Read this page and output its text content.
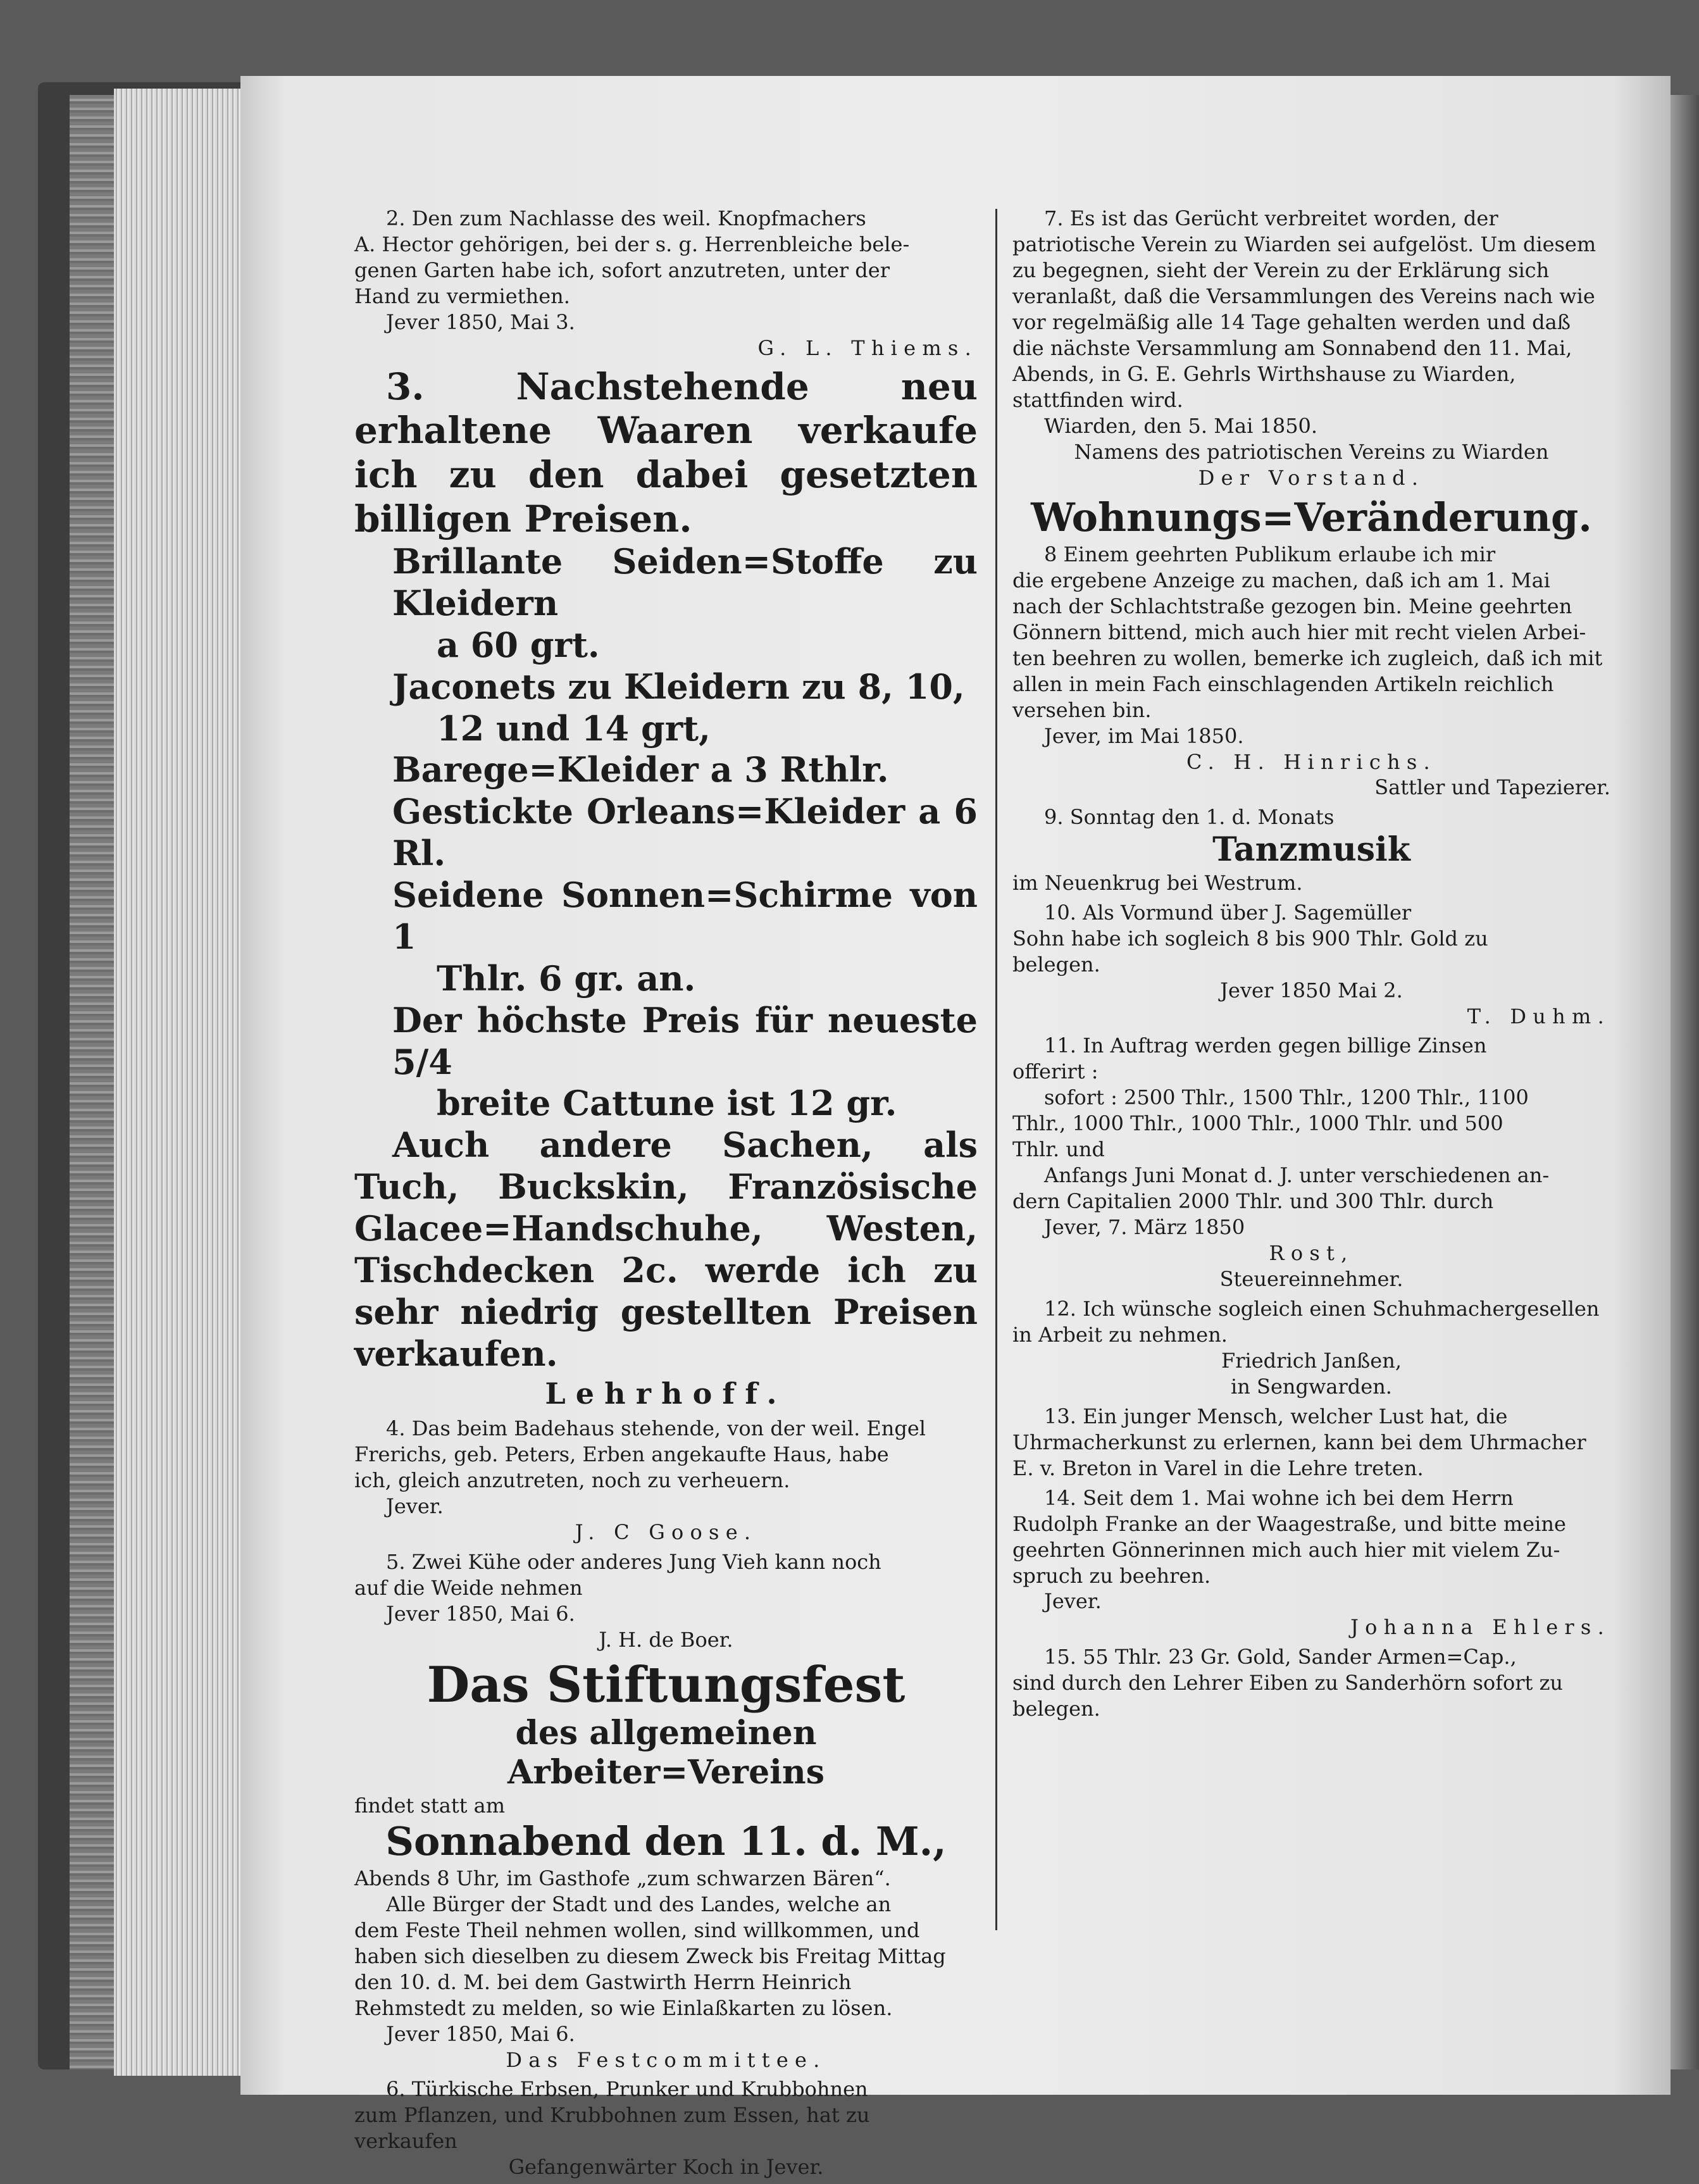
2. Den zum Nachlasse des weil. Knopfmachers

A. Hector gehörigen, bei der s. g. Herrenbleiche bele-

genen Garten habe ich, sofort anzutreten, unter der

Hand zu vermiethen.

Jever 1850, Mai 3.

G. L. Thiems.

3. Nachstehende neu erhaltene Waaren verkaufe ich zu den dabei gesetzten billigen Preisen.

Brillante Seiden=Stoffe zu Kleidern

a 60 grt.

Jaconets zu Kleidern zu 8, 10,

12 und 14 grt,

Barege=Kleider a 3 Rthlr.

Gestickte Orleans=Kleider a 6 Rl.

Seidene Sonnen=Schirme von 1

Thlr. 6 gr. an.

Der höchste Preis für neueste 5/4

breite Cattune ist 12 gr.

Auch andere Sachen, als Tuch, Buckskin, Französische Glacee=Handschuhe, Westen, Tischdecken 2c. werde ich zu sehr niedrig gestellten Preisen verkaufen.

Lehrhoff.

4. Das beim Badehaus stehende, von der weil. Engel

Frerichs, geb. Peters, Erben angekaufte Haus, habe

ich, gleich anzutreten, noch zu verheuern.

Jever.

J. C Goose.

5. Zwei Kühe oder anderes Jung Vieh kann noch

auf die Weide nehmen

Jever 1850, Mai 6.

J. H. de Boer.

Das Stiftungsfest

des allgemeinen Arbeiter=Vereins

findet statt am

Sonnabend den 11. d. M.,

Abends 8 Uhr, im Gasthofe „zum schwarzen Bären“.

Alle Bürger der Stadt und des Landes, welche an

dem Feste Theil nehmen wollen, sind willkommen, und

haben sich dieselben zu diesem Zweck bis Freitag Mittag

den 10. d. M. bei dem Gastwirth Herrn Heinrich

Rehmstedt zu melden, so wie Einlaßkarten zu lösen.

Jever 1850, Mai 6.

Das Festcommittee.

6. Türkische Erbsen, Prunker und Krubbohnen

zum Pflanzen, und Krubbohnen zum Essen, hat zu

verkaufen

Gefangenwärter Koch in Jever.

7. Es ist das Gerücht verbreitet worden, der

patriotische Verein zu Wiarden sei aufgelöst. Um diesem

zu begegnen, sieht der Verein zu der Erklärung sich

veranlaßt, daß die Versammlungen des Vereins nach wie

vor regelmäßig alle 14 Tage gehalten werden und daß

die nächste Versammlung am Sonnabend den 11. Mai,

Abends, in G. E. Gehrls Wirthshause zu Wiarden,

stattfinden wird.

Wiarden, den 5. Mai 1850.

Namens des patriotischen Vereins zu Wiarden

Der Vorstand.

Wohnungs=Veränderung.

8 Einem geehrten Publikum erlaube ich mir

die ergebene Anzeige zu machen, daß ich am 1. Mai

nach der Schlachtstraße gezogen bin. Meine geehrten

Gönnern bittend, mich auch hier mit recht vielen Arbei-

ten beehren zu wollen, bemerke ich zugleich, daß ich mit

allen in mein Fach einschlagenden Artikeln reichlich

versehen bin.

Jever, im Mai 1850.

C. H. Hinrichs.

Sattler und Tapezierer.

9. Sonntag den 1. d. Monats

Tanzmusik

im Neuenkrug bei Westrum.

10. Als Vormund über J. Sagemüller

Sohn habe ich sogleich 8 bis 900 Thlr. Gold zu

belegen.

Jever 1850 Mai 2.

T. Duhm.

11. In Auftrag werden gegen billige Zinsen

offerirt :

sofort : 2500 Thlr., 1500 Thlr., 1200 Thlr., 1100

Thlr., 1000 Thlr., 1000 Thlr., 1000 Thlr. und 500

Thlr. und

Anfangs Juni Monat d. J. unter verschiedenen an-

dern Capitalien 2000 Thlr. und 300 Thlr. durch

Jever, 7. März 1850

Rost,

Steuereinnehmer.

12. Ich wünsche sogleich einen Schuhmachergesellen

in Arbeit zu nehmen.

Friedrich Janßen,

in Sengwarden.

13. Ein junger Mensch, welcher Lust hat, die

Uhrmacherkunst zu erlernen, kann bei dem Uhrmacher

E. v. Breton in Varel in die Lehre treten.

14. Seit dem 1. Mai wohne ich bei dem Herrn

Rudolph Franke an der Waagestraße, und bitte meine

geehrten Gönnerinnen mich auch hier mit vielem Zu-

spruch zu beehren.

Jever.

Johanna Ehlers.

15. 55 Thlr. 23 Gr. Gold, Sander Armen=Cap.,

sind durch den Lehrer Eiben zu Sanderhörn sofort zu

belegen.
